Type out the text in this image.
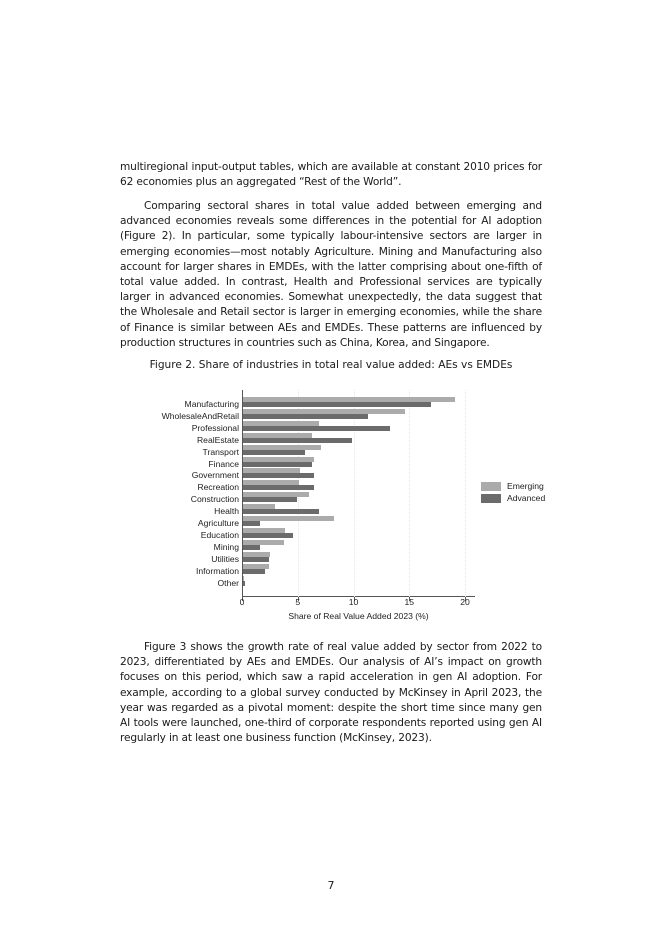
multiregional input-output tables, which are available at constant 2010 prices for 62 economies plus an aggregated “Rest of the World”.

Comparing sectoral shares in total value added between emerging and advanced economies reveals some differences in the potential for AI adoption (Figure 2). In particular, some typically labour-intensive sectors are larger in emerging economies—most notably Agriculture. Mining and Manufacturing also account for larger shares in EMDEs, with the latter comprising about one-fifth of total value added. In contrast, Health and Professional services are typically larger in advanced economies. Somewhat unexpectedly, the data suggest that the Wholesale and Retail sector is larger in emerging economies, while the share of Finance is similar between AEs and EMDEs. These patterns are influenced by production structures in countries such as China, Korea, and Singapore.

Figure 2. Share of industries in total real value added: AEs vs EMDEs
Manufacturing
WholesaleAndRetail
Professional
RealEstate
Transport
Finance
Government
Recreation
Construction
Health
Agriculture
Education
Mining
Utilities
Information
Other
0	5	10	15	20
Share of Real Value Added 2023 (%)
Emerging
Advanced

Figure 3 shows the growth rate of real value added by sector from 2022 to 2023, differentiated by AEs and EMDEs. Our analysis of AI’s impact on growth focuses on this period, which saw a rapid acceleration in gen AI adoption. For example, according to a global survey conducted by McKinsey in April 2023, the year was regarded as a pivotal moment: despite the short time since many gen AI tools were launched, one-third of corporate respondents reported using gen AI regularly in at least one business function (McKinsey, 2023).

7
